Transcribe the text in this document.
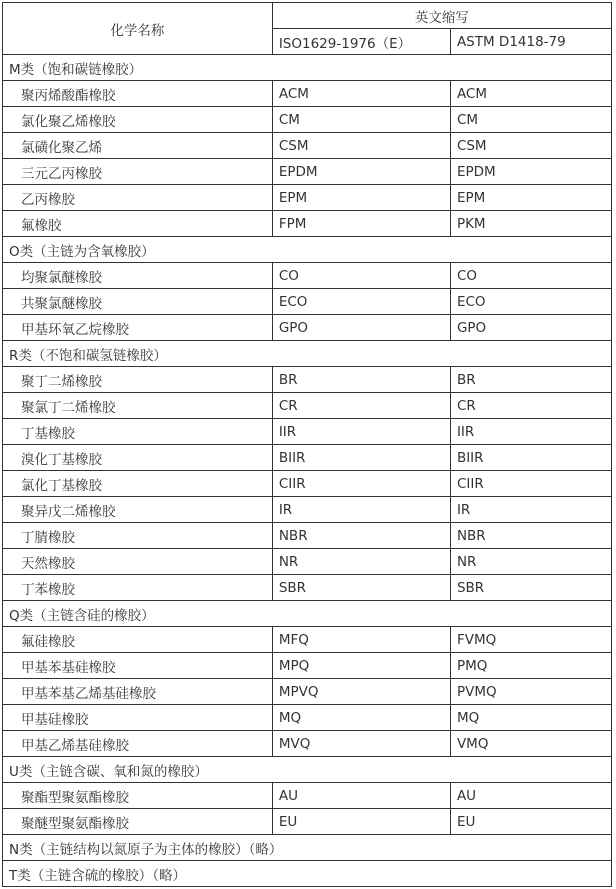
化学名称	英文缩写	
	ISO1629-1976（E）	ASTM D1418-79
M类（饱和碳链橡胶）		
聚丙烯酸酯橡胶	ACM	ACM
氯化聚乙烯橡胶	CM	CM
氯磺化聚乙烯	CSM	CSM
三元乙丙橡胶	EPDM	EPDM
乙丙橡胶	EPM	EPM
氟橡胶	FPM	PKM
O类（主链为含氧橡胶）		
均聚氯醚橡胶	CO	CO
共聚氯醚橡胶	ECO	ECO
甲基环氧乙烷橡胶	GPO	GPO
R类（不饱和碳氢链橡胶）		
聚丁二烯橡胶	BR	BR
聚氯丁二烯橡胶	CR	CR
丁基橡胶	IIR	IIR
溴化丁基橡胶	BIIR	BIIR
氯化丁基橡胶	CIIR	CIIR
聚异戊二烯橡胶	IR	IR
丁腈橡胶	NBR	NBR
天然橡胶	NR	NR
丁苯橡胶	SBR	SBR
Q类（主链含硅的橡胶）		
氟硅橡胶	MFQ	FVMQ
甲基苯基硅橡胶	MPQ	PMQ
甲基苯基乙烯基硅橡胶	MPVQ	PVMQ
甲基硅橡胶	MQ	MQ
甲基乙烯基硅橡胶	MVQ	VMQ
U类（主链含碳、氧和氮的橡胶）		
聚酯型聚氨酯橡胶	AU	AU
聚醚型聚氨酯橡胶	EU	EU
N类（主链结构以氮原子为主体的橡胶）（略）		
T类（主链含硫的橡胶）（略）		
